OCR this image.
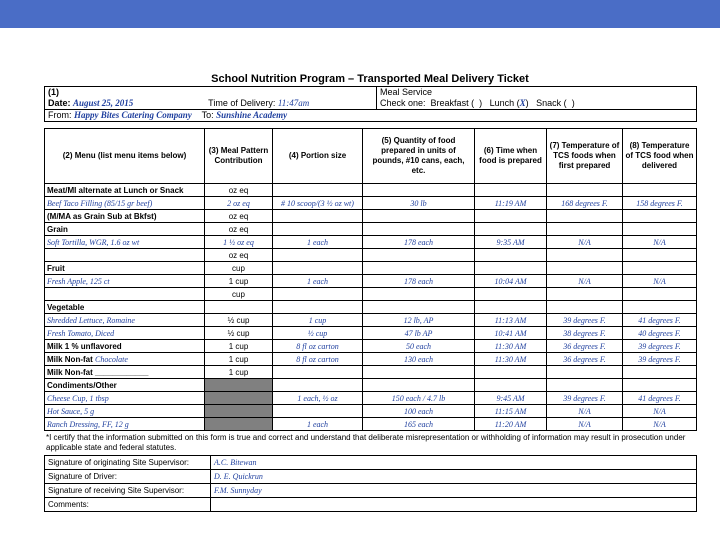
School Nutrition Program – Transported Meal Delivery Ticket
(1)
Date: August 25, 2015	Time of Delivery: 11:47am

Meal Service
Check one: Breakfast ( ) Lunch (X) Snack ( )

From: Happy Bites Catering Company To: Sunshine Academy
(2) Menu (list menu items below)	(3) Meal Pattern Contribution	(4) Portion size	(5) Quantity of food prepared in units of pounds, #10 cans, each, etc.	(6) Time when food is prepared	(7) Temperature of TCS foods when first prepared	(8) Temperature of TCS food when delivered
Meat/MI alternate at Lunch or Snack	oz eq					
Beef Taco Filling (85/15 gr beef)	2 oz eq	# 10 scoop/(3 ½ oz wt)	30 lb	11:19 AM	168 degrees F.	158 degrees F.
(M/MA as Grain Sub at Bkfst)	oz eq					
Grain	oz eq					
Soft Tortilla, WGR, 1.6 oz wt	1 ½ oz eq	1 each	178 each	9:35 AM	N/A	N/A
	oz eq					
Fruit	cup					
Fresh Apple, 125 ct	1 cup	1 each	178 each	10:04 AM	N/A	N/A
	cup					
Vegetable						
Shredded Lettuce, Romaine	½ cup	1 cup	12 lb, AP	11:13 AM	39 degrees F.	41 degrees F.
Fresh Tomato, Diced	½ cup	½ cup	47 lb AP	10:41 AM	38 degrees F.	40 degrees F.
Milk 1 % unflavored	1 cup	8 fl oz carton	50 each	11:30 AM	36 degrees F.	39 degrees F.
Milk Non-fat Chocolate	1 cup	8 fl oz carton	130 each	11:30 AM	36 degrees F.	39 degrees F.
Milk Non-fat ____________	1 cup					
Condiments/Other						
Cheese Cup, 1 tbsp		1 each, ½ oz	150 each / 4.7 lb	9:45 AM	39 degrees F.	41 degrees F.
Hot Sauce, 5 g			100 each	11:15 AM	N/A	N/A
Ranch Dressing, FF, 12 g		1 each	165 each	11:20 AM	N/A	N/A
*I certify that the information submitted on this form is true and correct and understand that deliberate misrepresentation or withholding of information may result in prosecution under applicable state and federal statutes.
Signature of originating Site Supervisor:	A.C. Bitewan
Signature of Driver:	D. E. Quickrun
Signature of receiving Site Supervisor:	F.M. Sunnyday
Comments:	
